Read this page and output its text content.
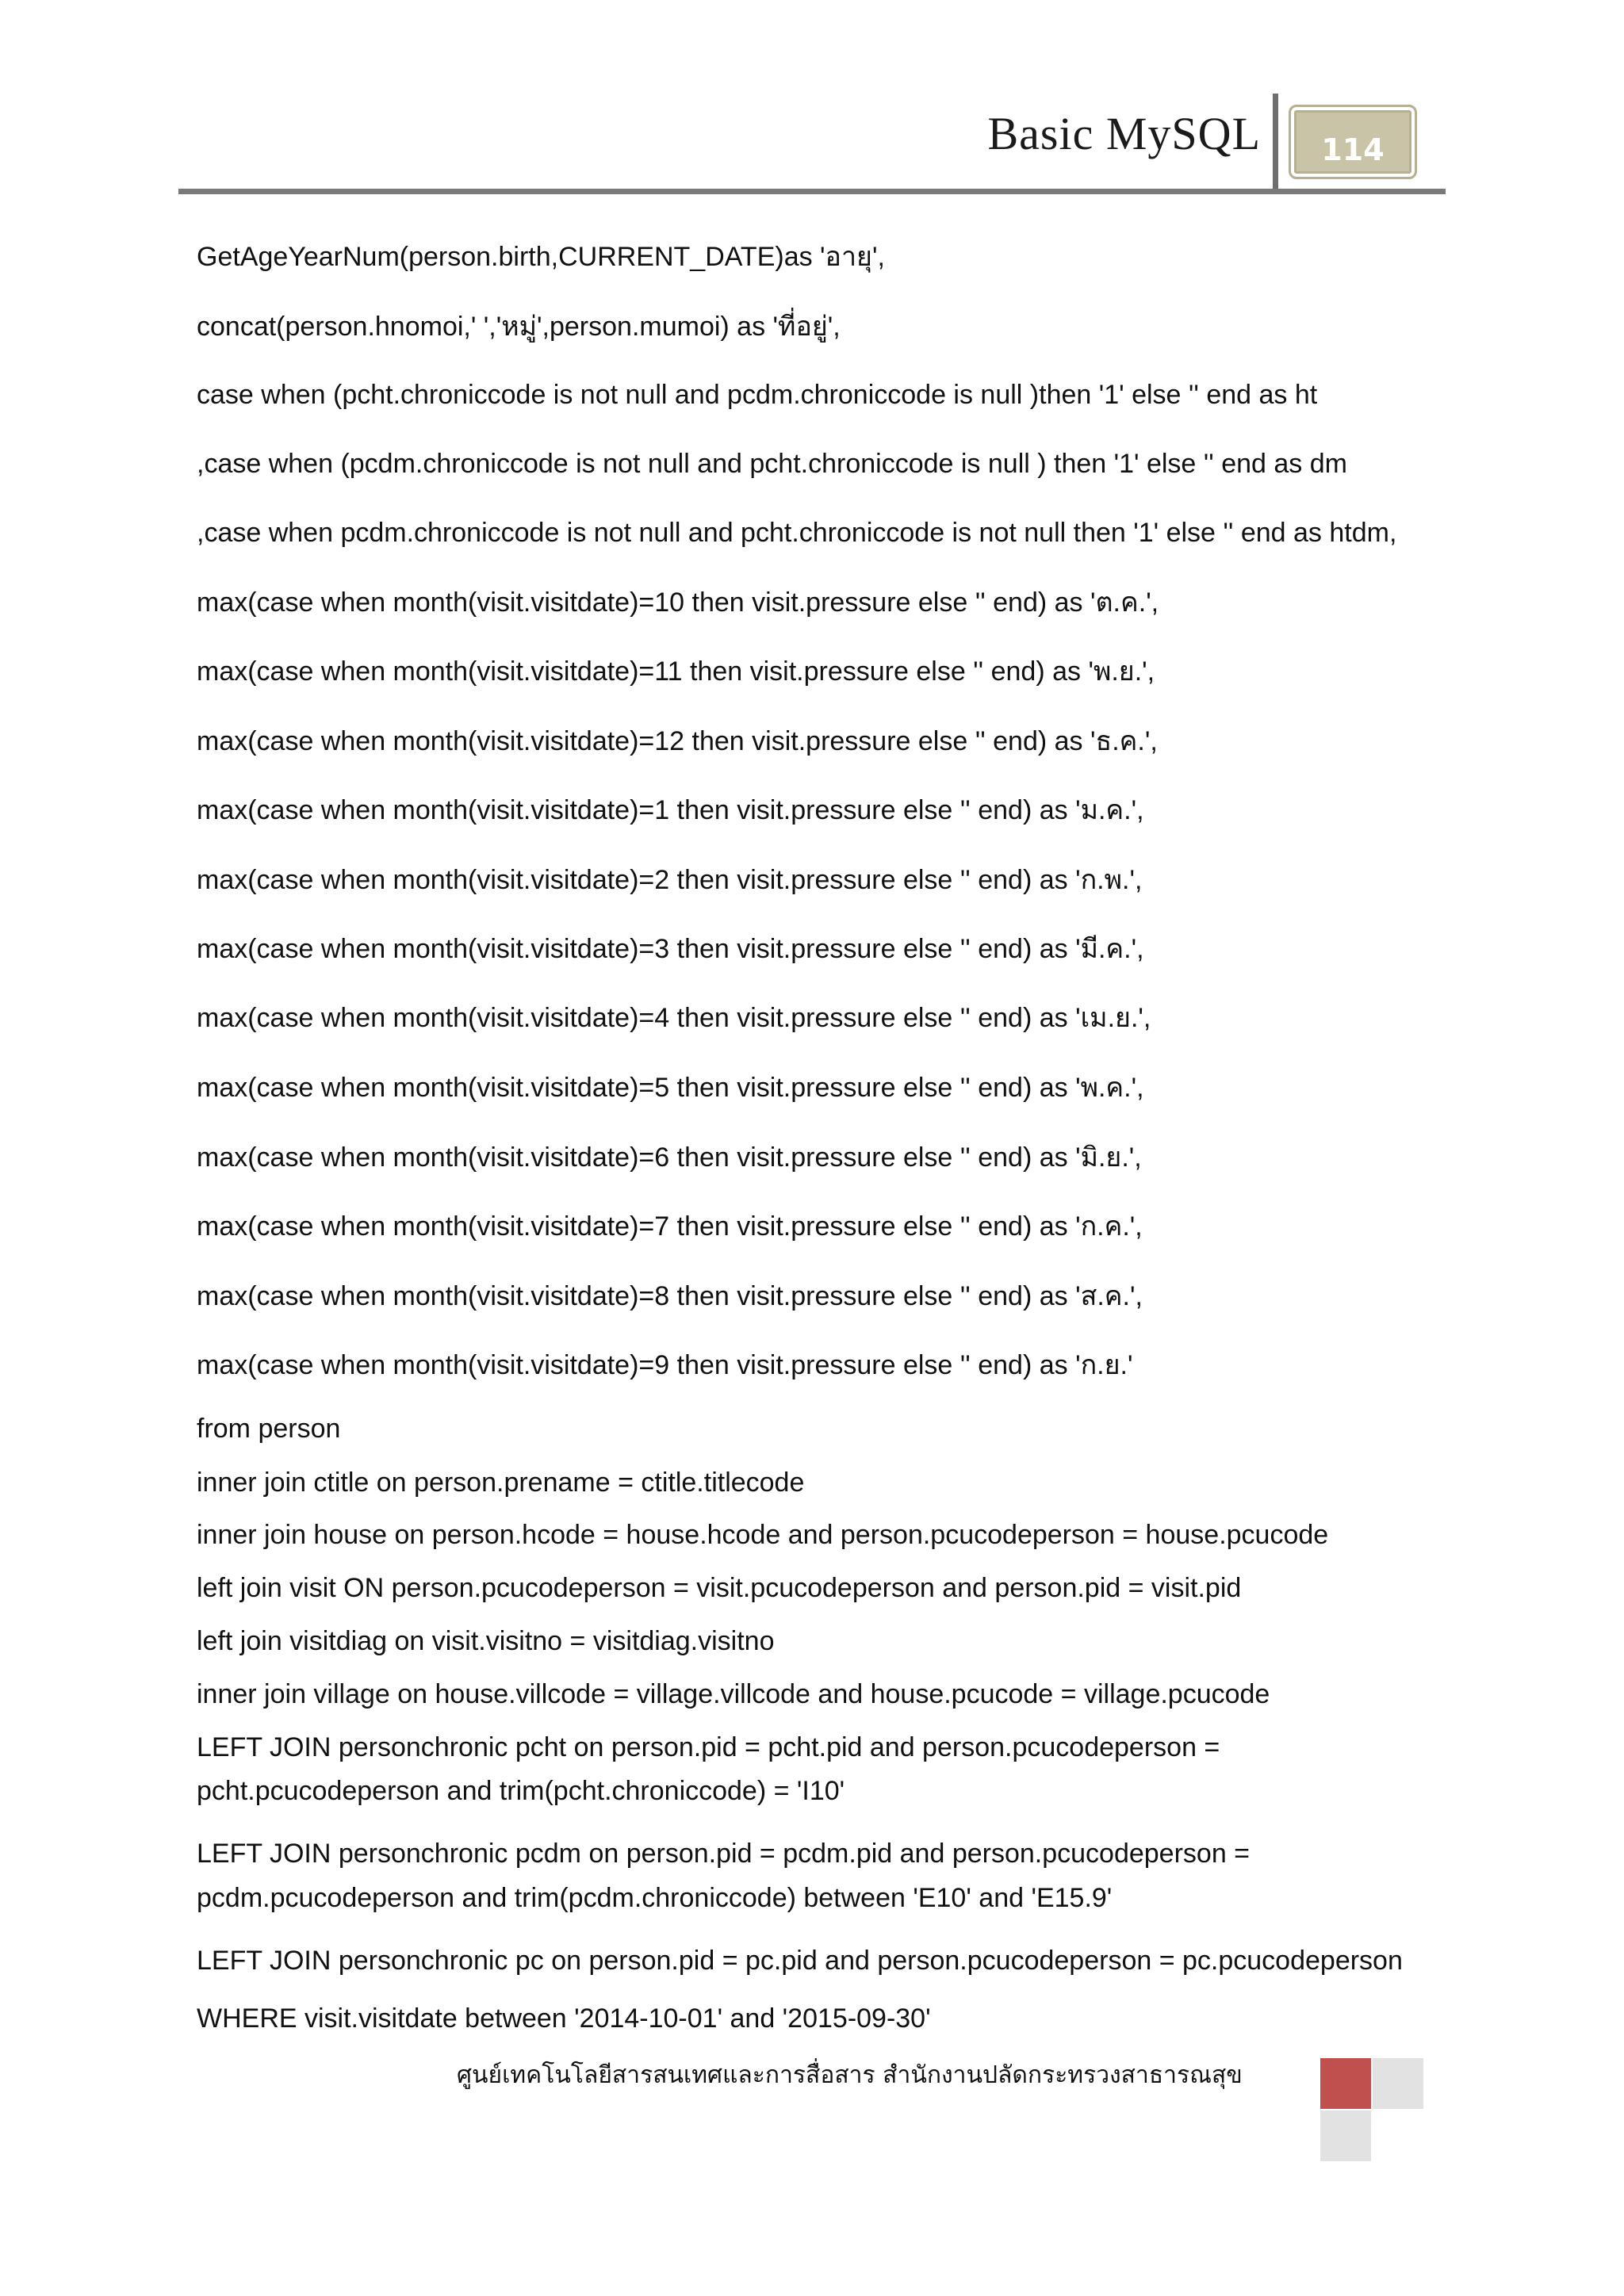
Basic MySQL	114
GetAgeYearNum(person.birth,CURRENT_DATE)as 'อายุ',
concat(person.hnomoi,' ','หมู่',person.mumoi) as 'ที่อยู่',
case when (pcht.chroniccode is not null and pcdm.chroniccode is null )then '1' else '' end as ht
,case when (pcdm.chroniccode is not null and pcht.chroniccode is null ) then '1' else '' end as dm
,case when pcdm.chroniccode is not null and pcht.chroniccode is not null then '1' else '' end as htdm,
max(case when month(visit.visitdate)=10 then visit.pressure else '' end) as 'ต.ค.',
max(case when month(visit.visitdate)=11 then visit.pressure else '' end) as 'พ.ย.',
max(case when month(visit.visitdate)=12 then visit.pressure else '' end) as 'ธ.ค.',
max(case when month(visit.visitdate)=1 then visit.pressure else '' end) as 'ม.ค.',
max(case when month(visit.visitdate)=2 then visit.pressure else '' end) as 'ก.พ.',
max(case when month(visit.visitdate)=3 then visit.pressure else '' end) as 'มี.ค.',
max(case when month(visit.visitdate)=4 then visit.pressure else '' end) as 'เม.ย.',
max(case when month(visit.visitdate)=5 then visit.pressure else '' end) as 'พ.ค.',
max(case when month(visit.visitdate)=6 then visit.pressure else '' end) as 'มิ.ย.',
max(case when month(visit.visitdate)=7 then visit.pressure else '' end) as 'ก.ค.',
max(case when month(visit.visitdate)=8 then visit.pressure else '' end) as 'ส.ค.',
max(case when month(visit.visitdate)=9 then visit.pressure else '' end) as 'ก.ย.'
from person
inner join ctitle on person.prename = ctitle.titlecode
inner join house on person.hcode = house.hcode and person.pcucodeperson = house.pcucode
left join visit ON person.pcucodeperson = visit.pcucodeperson and person.pid = visit.pid
left join visitdiag on visit.visitno = visitdiag.visitno
inner join village on house.villcode = village.villcode and house.pcucode = village.pcucode
LEFT JOIN personchronic pcht on person.pid = pcht.pid and person.pcucodeperson =
pcht.pcucodeperson and trim(pcht.chroniccode) = 'I10'
LEFT JOIN personchronic pcdm on person.pid = pcdm.pid and person.pcucodeperson =
pcdm.pcucodeperson and trim(pcdm.chroniccode) between 'E10' and 'E15.9'
LEFT JOIN personchronic pc on person.pid = pc.pid and person.pcucodeperson = pc.pcucodeperson
WHERE visit.visitdate between '2014-10-01' and '2015-09-30'
ศูนย์เทคโนโลยีสารสนเทศและการสื่อสาร สำนักงานปลัดกระทรวงสาธารณสุข
